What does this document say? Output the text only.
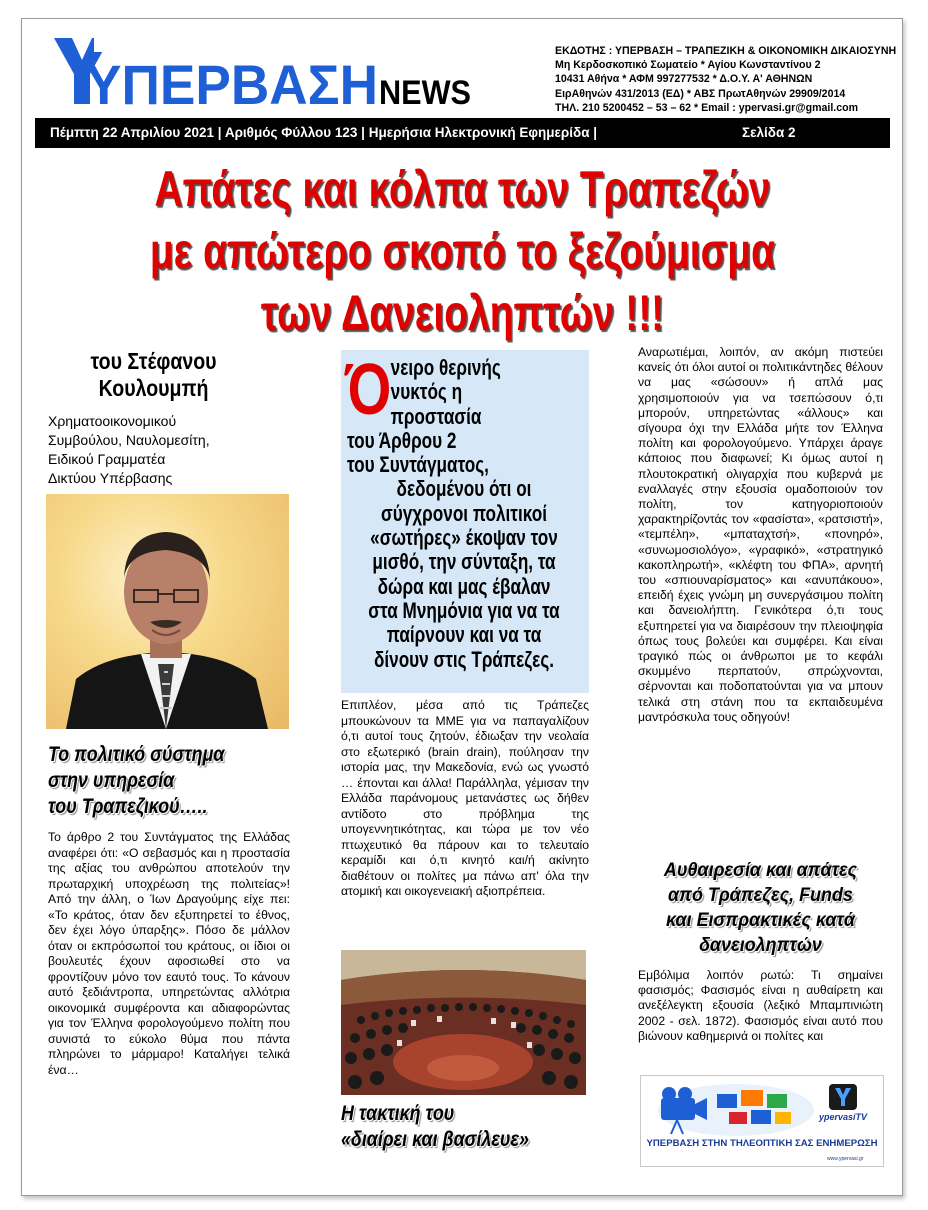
ΥΠΕΡΒΑΣΗ NEWS
ΕΚΔΟΤΗΣ : ΥΠΕΡΒΑΣΗ – ΤΡΑΠΕΖΙΚΗ & ΟΙΚΟΝΟΜΙΚΗ ΔΙΚΑΙΟΣΥΝΗ
Μη Κερδοσκοπικό Σωματείο * Αγίου Κωνσταντίνου 2
10431 Αθήνα * ΑΦΜ 997277532 * Δ.Ο.Υ. Α' ΑΘΗΝΩΝ
ΕιρΑθηνών 431/2013 (ΕΔ) * ΑΒΣ ΠρωτΑθηνών 29909/2014
ΤΗΛ. 210 5200452 – 53 – 62 * Email : ypervasi.gr@gmail.com
Πέμπτη 22 Απριλίου 2021 | Αριθμός Φύλλου 123 | Ημερήσια Ηλεκτρονική Εφημερίδα |	Σελίδα 2
Απάτες και κόλπα των Τραπεζών
με απώτερο σκοπό το ξεζούμισμα
των Δανειοληπτών !!!
του Στέφανου
Κουλουμπή
Χρηματοοικονομικού
Συμβούλου, Ναυλομεσίτη,
Ειδικού Γραμματέα
Δικτύου Υπέρβασης
Το πολιτικό σύστημα
στην υπηρεσία
του Τραπεζικού…..
Το άρθρο 2 του Συντάγματος της Ελλάδας αναφέρει ότι: «Ο σεβασμός και η προστασία της αξίας του ανθρώπου αποτελούν την πρωταρχική υποχρέωση της πολιτείας»! Από την άλλη, ο Ίων Δραγούμης είχε πει: «Το κράτος, όταν δεν εξυπηρετεί το έθνος, δεν έχει λόγο ύπαρξης». Πόσο δε μάλλον όταν οι εκπρόσωποί του κράτους, οι ίδιοι οι βουλευτές έχουν αφοσιωθεί στο να φροντίζουν μόνο τον εαυτό τους. Το κάνουν αυτό ξεδιάντροπα, υπηρετώντας αλλότρια οικονομικά συμφέροντα και αδιαφορώντας για τον Έλληνα φορολογούμενο πολίτη που συνιστά το εύκολο θύμα που πάντα πληρώνει το μάρμαρο! Καταλήγει τελικά ένα…
Ό νειρο θερινής
νυκτός η
προστασία
του Άρθρου 2
του Συντάγματος,
δεδομένου ότι οι
σύγχρονοι πολιτικοί
«σωτήρες» έκοψαν τον
μισθό, την σύνταξη, τα
δώρα και μας έβαλαν
στα Μνημόνια για να τα
παίρνουν και να τα
δίνουν στις Τράπεζες.
Επιπλέον, μέσα από τις Τράπεζες μπουκώνουν τα ΜΜΕ για να παπαγαλίζουν ό,τι αυτοί τους ζητούν, έδιωξαν την νεολαία στο εξωτερικό (brain drain), πούλησαν την ιστορία μας, την Μακεδονία, ενώ ως γνωστό … έπονται και άλλα! Παράλληλα, γέμισαν την Ελλάδα παράνομους μετανάστες ως δήθεν αντίδοτο στο πρόβλημα της υπογεννητικότητας, και τώρα με τον νέο πτωχευτικό θα πάρουν και το τελευταίο κεραμίδι και ό,τι κινητό και/ή ακίνητο διαθέτουν οι πολίτες μα πάνω απ' όλα την ατομική και οικογενειακή αξιοπρέπεια.
Η τακτική του
«διαίρει και βασίλευε»
Αναρωτιέμαι, λοιπόν, αν ακόμη πιστεύει κανείς ότι όλοι αυτοί οι πολιτικάντηδες θέλουν να μας «σώσουν» ή απλά μας χρησιμοποιούν για να τσεπώσουν ό,τι μπορούν, υπηρετώντας «άλλους» και σίγουρα όχι την Ελλάδα μήτε τον Έλληνα πολίτη και φορολογούμενο. Υπάρχει άραγε κάποιος που διαφωνεί; Κι όμως αυτοί η πλουτοκρατική ολιγαρχία που κυβερνά με εναλλαγές στην εξουσία ομαδοποιούν τον πολίτη, τον κατηγοριοποιούν χαρακτηρίζοντάς τον «φασίστα», «ρατσιστή», «τεμπέλη», «μπαταχτσή», «πονηρό», «συνωμοσιολόγο», «γραφικό», «στρατηγικό κακοπληρωτή», «κλέφτη του ΦΠΑ», αρνητή του «σπιουναρίσματος» και «ανυπάκουο», επειδή έχεις γνώμη μη συνεργάσιμου πολίτη και δανειολήπτη. Γενικότερα ό,τι τους εξυπηρετεί για να διαιρέσουν την πλειοψηφία όπως τους βολεύει και συμφέρει. Και είναι τραγικό πώς οι άνθρωποι με το κεφάλι σκυμμένο περπατούν, σπρώχνονται, σέρνονται και ποδοπατούνται για να μπουν τελικά στη στάνη που τα εκπαιδευμένα μαντρόσκυλα τους οδηγούν!
Αυθαιρεσία και απάτες
από Τράπεζες, Funds
και Εισπρακτικές κατά
δανειοληπτών
Εμβόλιμα λοιπόν ρωτώ: Τι σημαίνει φασισμός; Φασισμός είναι η αυθαίρετη και ανεξέλεγκτη εξουσία (λεξικό Μπαμπινιώτη 2002 - σελ. 1872). Φασισμός είναι αυτό που βιώνουν καθημερινά οι πολίτες και
ypervasiTV
ΥΠΕΡΒΑΣΗ ΣΤΗΝ ΤΗΛΕΟΠΤΙΚΗ ΣΑΣ ΕΝΗΜΕΡΩΣΗ
www.ypervasi.gr
